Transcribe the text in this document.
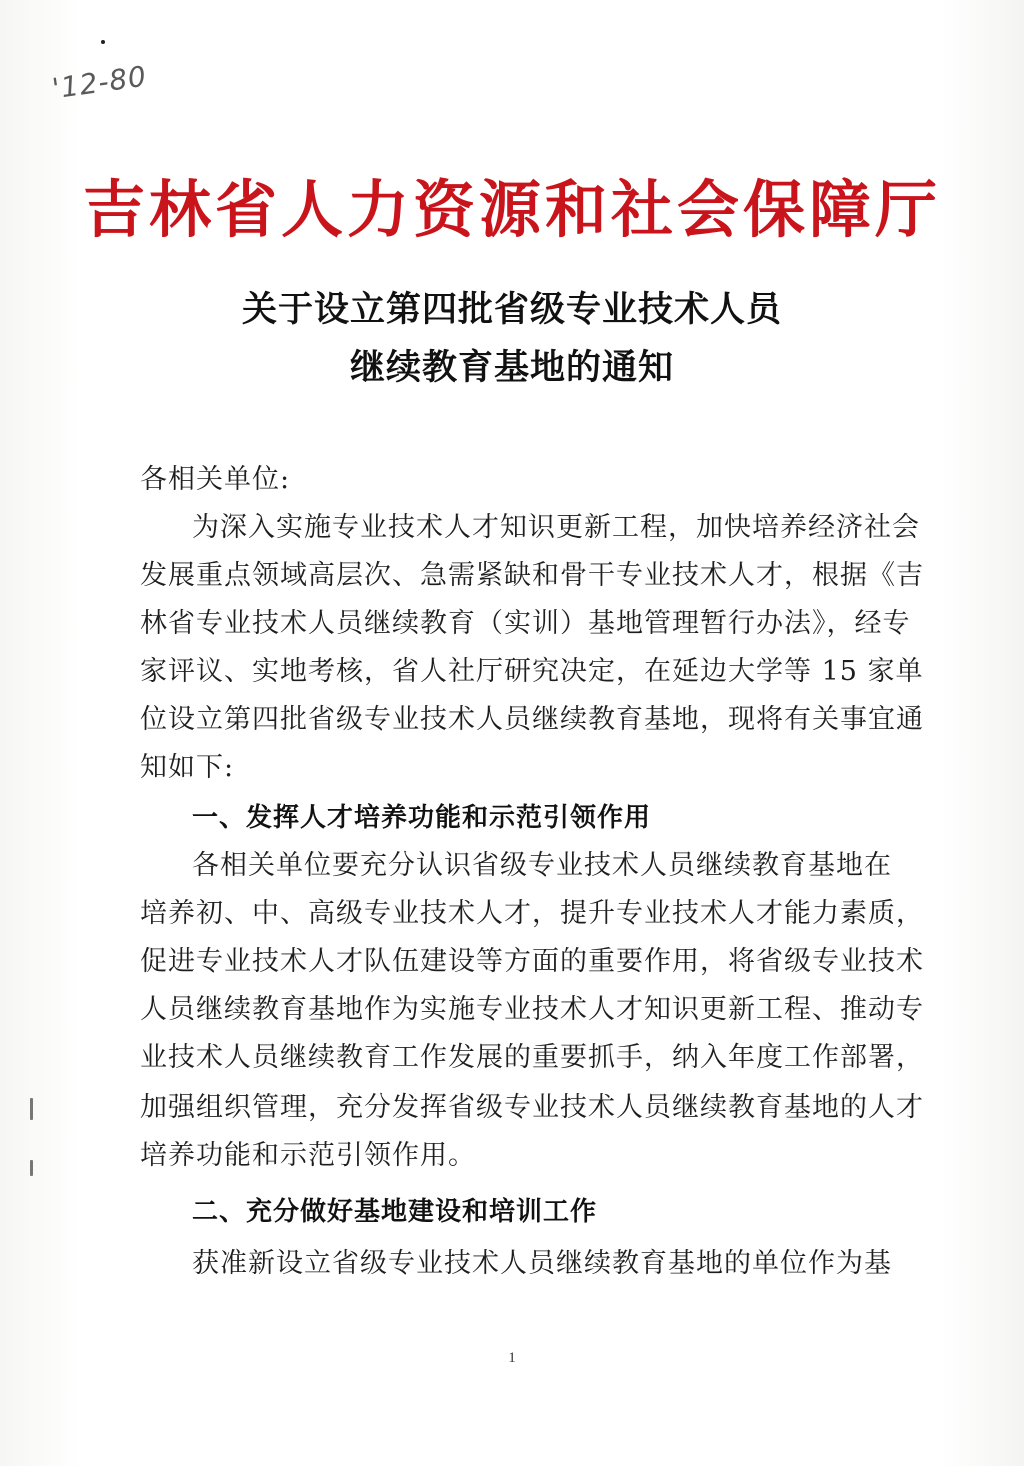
'12-80
吉林省人力资源和社会保障厅
关于设立第四批省级专业技术人员
继续教育基地的通知
各相关单位:
为深入实施专业技术人才知识更新工程，加快培养经济社会
发展重点领域高层次、急需紧缺和骨干专业技术人才，根据《吉
林省专业技术人员继续教育（实训）基地管理暂行办法》，经专
家评议、实地考核，省人社厅研究决定，在延边大学等 15 家单
位设立第四批省级专业技术人员继续教育基地，现将有关事宜通
知如下:
一、发挥人才培养功能和示范引领作用
各相关单位要充分认识省级专业技术人员继续教育基地在
培养初、中、高级专业技术人才，提升专业技术人才能力素质，
促进专业技术人才队伍建设等方面的重要作用，将省级专业技术
人员继续教育基地作为实施专业技术人才知识更新工程、推动专
业技术人员继续教育工作发展的重要抓手，纳入年度工作部署，
加强组织管理，充分发挥省级专业技术人员继续教育基地的人才
培养功能和示范引领作用。
二、充分做好基地建设和培训工作
获准新设立省级专业技术人员继续教育基地的单位作为基
1
